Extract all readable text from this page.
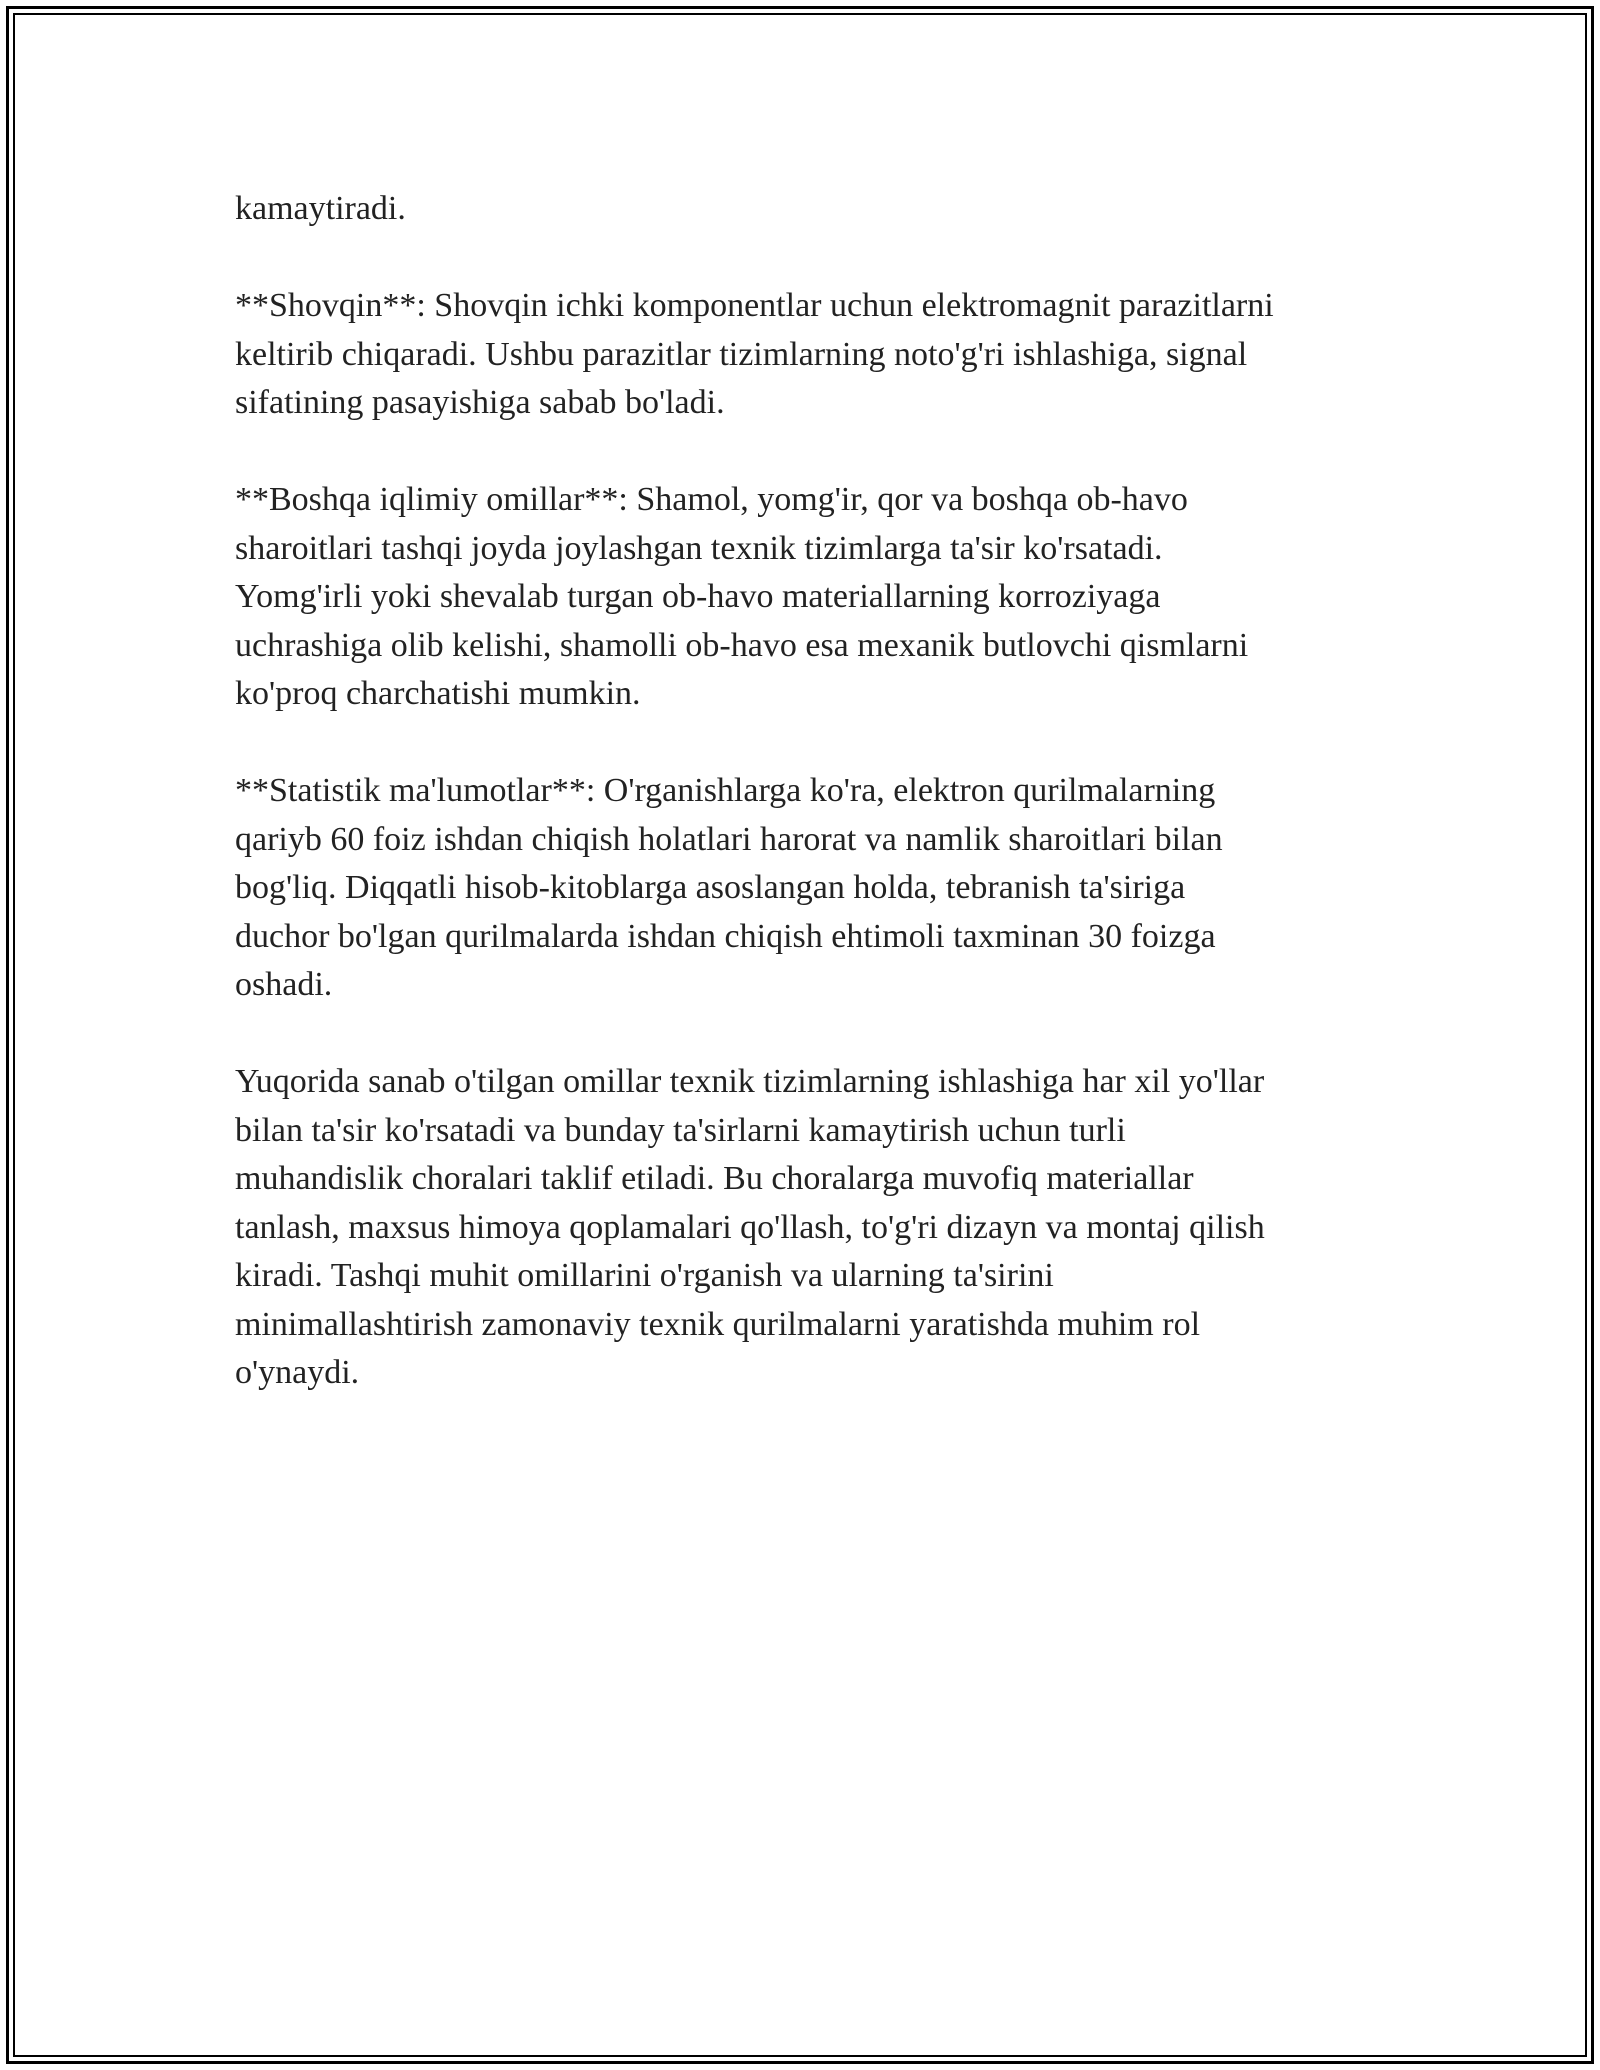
kamaytiradi.

**Shovqin**: Shovqin ichki komponentlar uchun elektromagnit parazitlarni
keltirib chiqaradi. Ushbu parazitlar tizimlarning noto'g'ri ishlashiga, signal
sifatining pasayishiga sabab bo'ladi.

**Boshqa iqlimiy omillar**: Shamol, yomg'ir, qor va boshqa ob-havo
sharoitlari tashqi joyda joylashgan texnik tizimlarga ta'sir ko'rsatadi.
Yomg'irli yoki shevalab turgan ob-havo materiallarning korroziyaga
uchrashiga olib kelishi, shamolli ob-havo esa mexanik butlovchi qismlarni
ko'proq charchatishi mumkin.

**Statistik ma'lumotlar**: O'rganishlarga ko'ra, elektron qurilmalarning
qariyb 60 foiz ishdan chiqish holatlari harorat va namlik sharoitlari bilan
bog'liq. Diqqatli hisob-kitoblarga asoslangan holda, tebranish ta'siriga
duchor bo'lgan qurilmalarda ishdan chiqish ehtimoli taxminan 30 foizga
oshadi.

Yuqorida sanab o'tilgan omillar texnik tizimlarning ishlashiga har xil yo'llar
bilan ta'sir ko'rsatadi va bunday ta'sirlarni kamaytirish uchun turli
muhandislik choralari taklif etiladi. Bu choralarga muvofiq materiallar
tanlash, maxsus himoya qoplamalari qo'llash, to'g'ri dizayn va montaj qilish
kiradi. Tashqi muhit omillarini o'rganish va ularning ta'sirini
minimallashtirish zamonaviy texnik qurilmalarni yaratishda muhim rol
o'ynaydi.
